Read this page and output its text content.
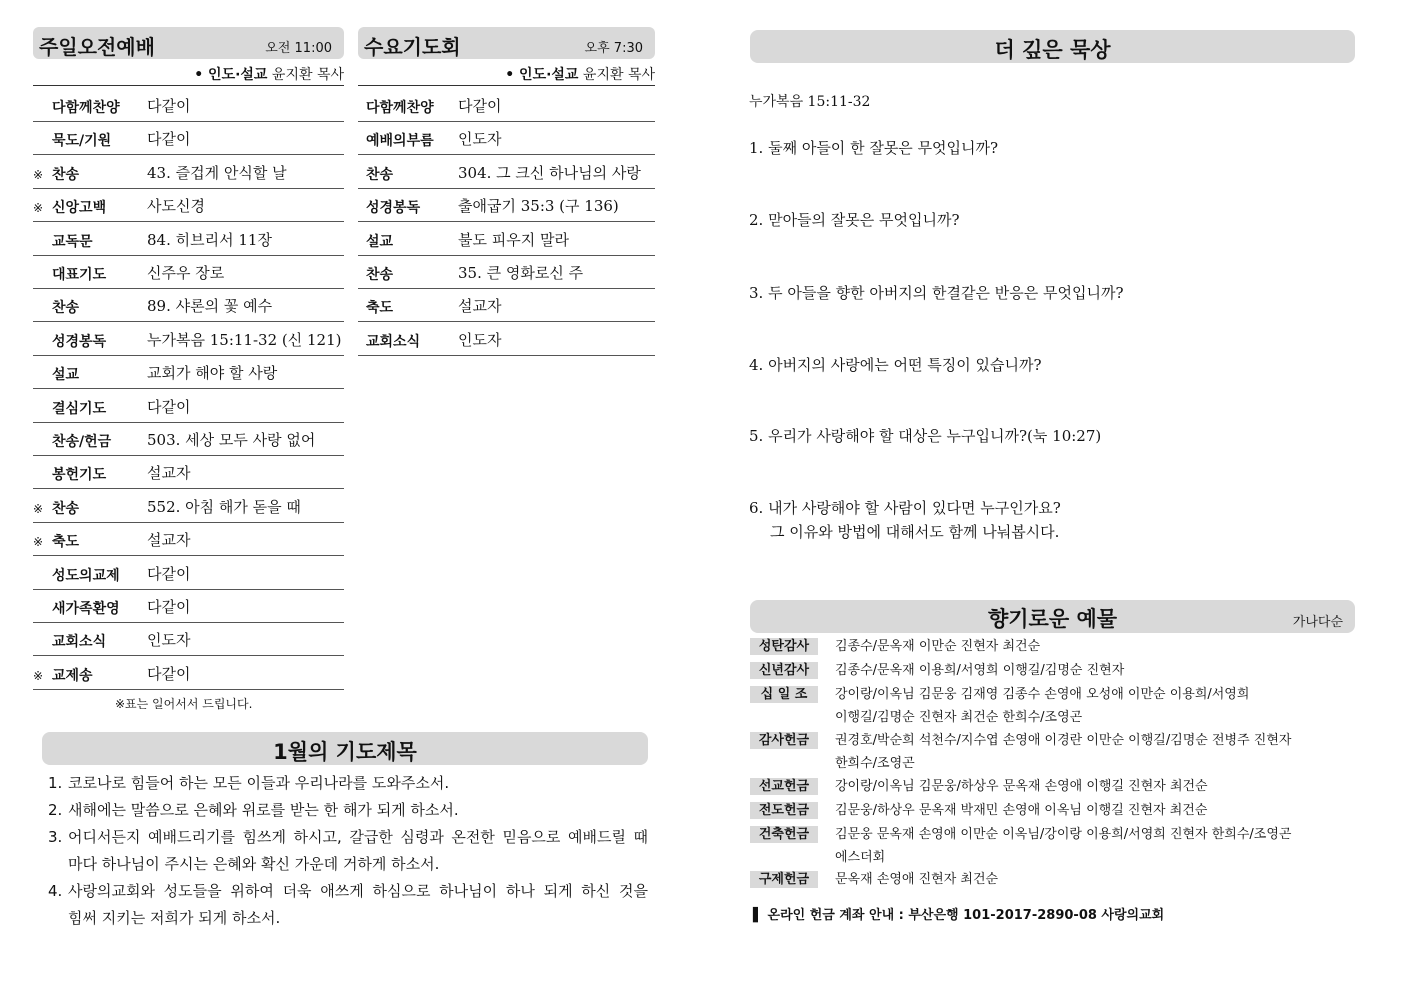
주일오전예배	오전 11:00
• 인도·설교 윤지환 목사
다함께찬양	다같이
묵도/기원	다같이
※ 찬송	43. 즐겁게 안식할 날
※ 신앙고백	사도신경
교독문	84. 히브리서 11장
대표기도	신주우 장로
찬송	89. 샤론의 꽃 예수
성경봉독	누가복음 15:11-32 (신 121)
설교	교회가 해야 할 사랑
결심기도	다같이
찬송/헌금	503. 세상 모두 사랑 없어
봉헌기도	설교자
※ 찬송	552. 아침 해가 돋을 때
※ 축도	설교자
성도의교제	다같이
새가족환영	다같이
교회소식	인도자
※ 교제송	다같이
※표는 일어서서 드립니다.
수요기도회	오후 7:30
• 인도·설교 윤지환 목사
다함께찬양	다같이
예배의부름	인도자
찬송	304. 그 크신 하나님의 사랑
성경봉독	출애굽기 35:3 (구 136)
설교	불도 피우지 말라
찬송	35. 큰 영화로신 주
축도	설교자
교회소식	인도자
1월의 기도제목
1. 코로나로 힘들어 하는 모든 이들과 우리나라를 도와주소서.
2. 새해에는 말씀으로 은혜와 위로를 받는 한 해가 되게 하소서.
3. 어디서든지 예배드리기를 힘쓰게 하시고, 갈급한 심령과 온전한 믿음으로 예배드릴 때
마다 하나님이 주시는 은혜와 확신 가운데 거하게 하소서.
4. 사랑의교회와 성도들을 위하여 더욱 애쓰게 하심으로 하나님이 하나 되게 하신 것을
힘써 지키는 저희가 되게 하소서.
더 깊은 묵상
누가복음 15:11-32
1. 둘째 아들이 한 잘못은 무엇입니까?
2. 맏아들의 잘못은 무엇입니까?
3. 두 아들을 향한 아버지의 한결같은 반응은 무엇입니까?
4. 아버지의 사랑에는 어떤 특징이 있습니까?
5. 우리가 사랑해야 할 대상은 누구입니까?(눅 10:27)
6. 내가 사랑해야 할 사람이 있다면 누구인가요?
그 이유와 방법에 대해서도 함께 나눠봅시다.
향기로운 예물	가나다순
성탄감사	김종수/문옥재 이만순 진현자 최건순
신년감사	김종수/문옥재 이용희/서영희 이행길/김명순 진현자
십 일 조	강이랑/이옥님 김문웅 김재영 김종수 손영애 오성애 이만순 이용희/서영희
이행길/김명순 진현자 최건순 한희수/조영곤
감사헌금	권경호/박순희 석천수/지수엽 손영애 이경란 이만순 이행길/김명순 전병주 진현자
한희수/조영곤
선교헌금	강이랑/이옥님 김문웅/하상우 문옥재 손영애 이행길 진현자 최건순
전도헌금	김문웅/하상우 문옥재 박재민 손영애 이옥님 이행길 진현자 최건순
건축헌금	김문웅 문옥재 손영애 이만순 이옥님/강이랑 이용희/서영희 진현자 한희수/조영곤
에스더회
구제헌금	문옥재 손영애 진현자 최건순
▌ 온라인 헌금 계좌 안내 : 부산은행 101-2017-2890-08 사랑의교회
